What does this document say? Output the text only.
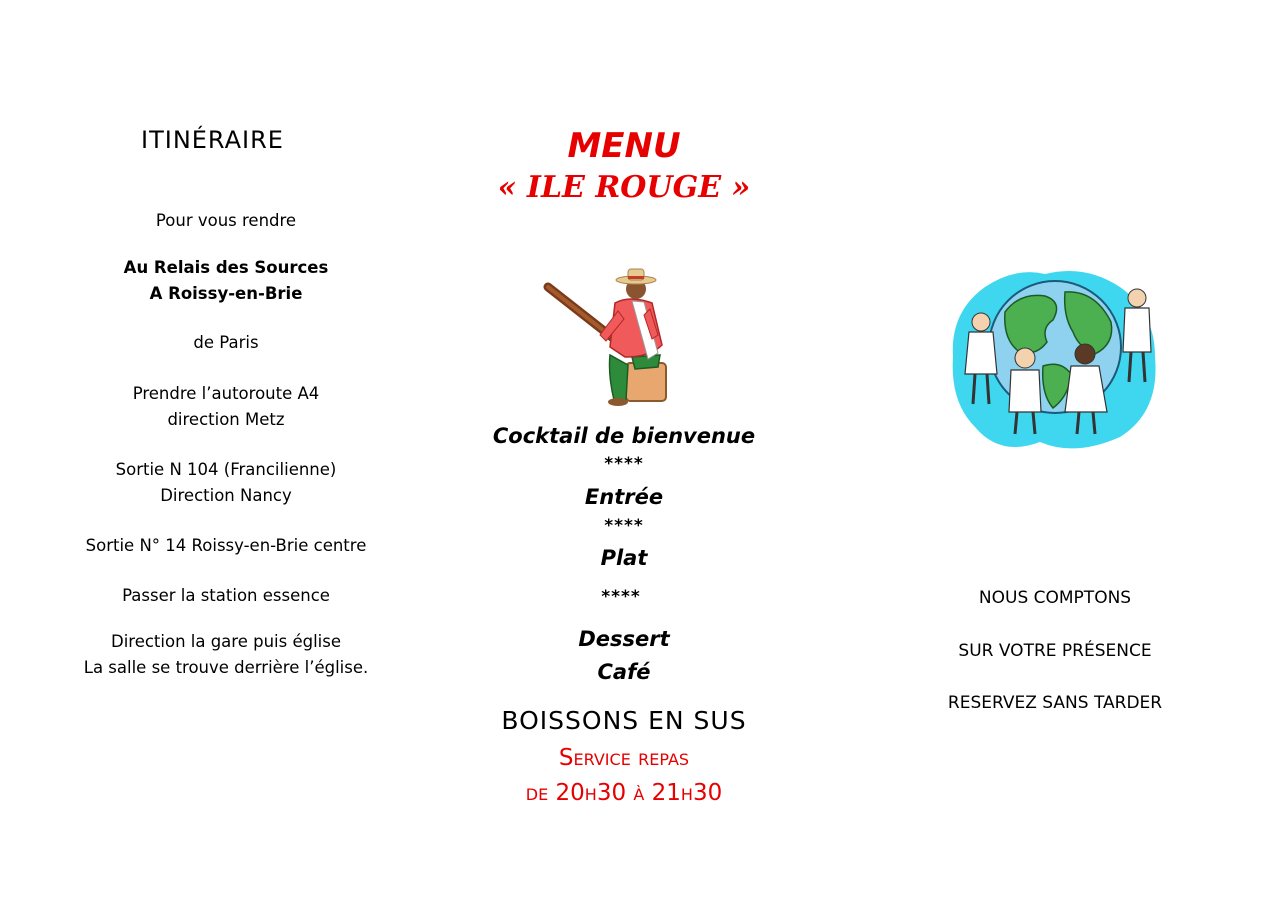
ITINÉRAIRE
Pour vous rendre
Au Relais des Sources
A Roissy-en-Brie
de Paris
Prendre l’autoroute A4
direction Metz
Sortie N 104 (Francilienne)
Direction Nancy
Sortie N° 14 Roissy-en-Brie centre
Passer la station essence
Direction la gare puis église
La salle se trouve derrière l’église.
MENU
« ILE ROUGE »
Cocktail de bienvenue
****
Entrée
****
Plat
****
Dessert
Café
BOISSONS EN SUS
Service repas
de 20h30 à 21h30
NOUS COMPTONS
SUR VOTRE PRÉSENCE
RESERVEZ SANS TARDER
